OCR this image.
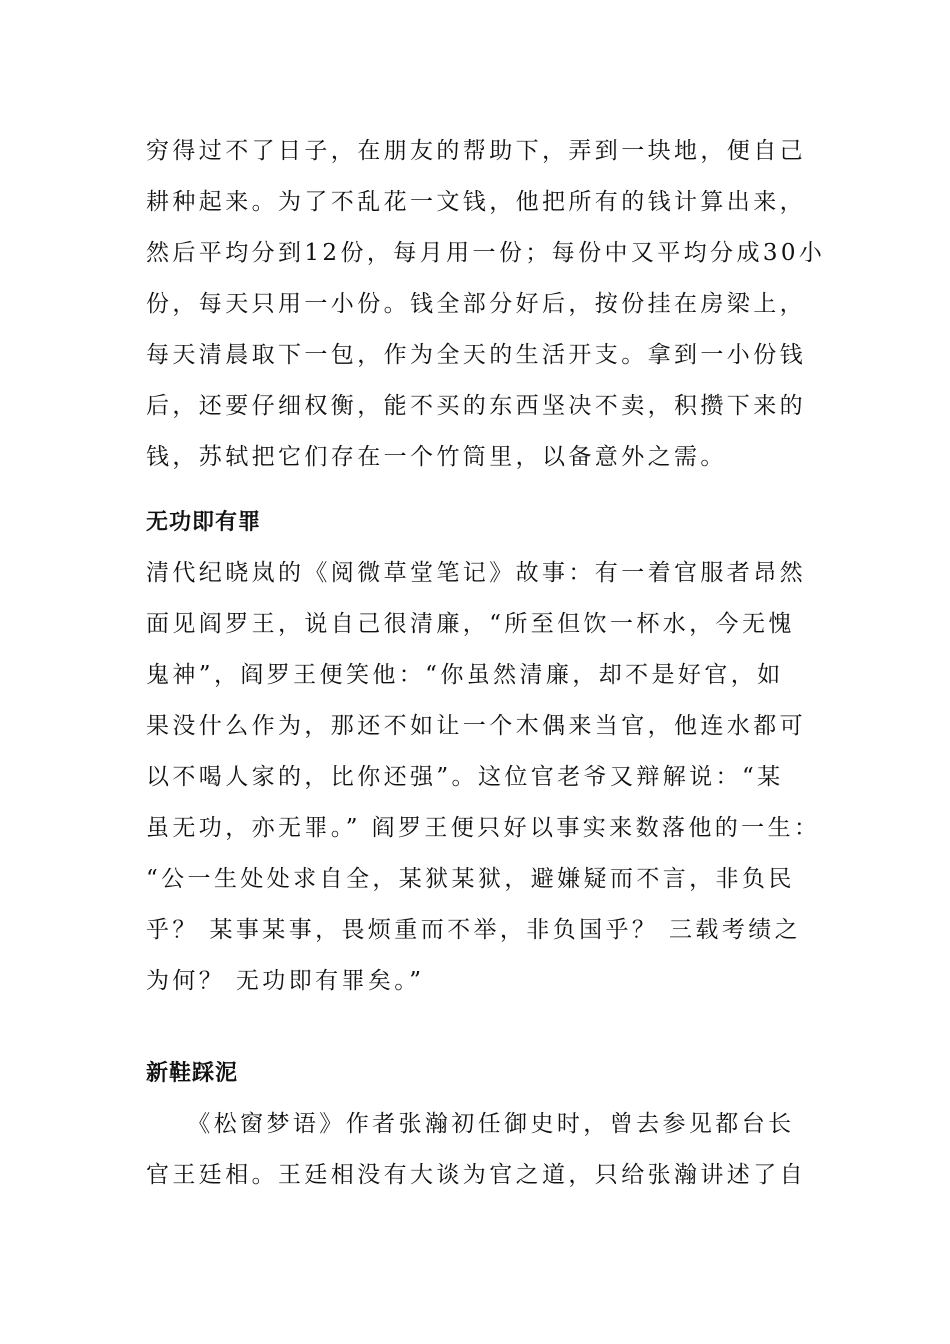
穷得过不了日子，在朋友的帮助下，弄到一块地，便自己
耕种起来。为了不乱花一文钱，他把所有的钱计算出来，
然后平均分到12份，每月用一份；每份中又平均分成30小
份，每天只用一小份。钱全部分好后，按份挂在房梁上，
每天清晨取下一包，作为全天的生活开支。拿到一小份钱
后，还要仔细权衡，能不买的东西坚决不卖，积攒下来的
钱，苏轼把它们存在一个竹筒里，以备意外之需。

无功即有罪

清代纪晓岚的《阅微草堂笔记》故事：有一着官服者昂然
面见阎罗王，说自己很清廉，“所至但饮一杯水，今无愧
鬼神”，阎罗王便笑他：“你虽然清廉，却不是好官，如
果没什么作为，那还不如让一个木偶来当官，他连水都可
以不喝人家的，比你还强”。这位官老爷又辩解说：“某
虽无功，亦无罪。” 阎罗王便只好以事实来数落他的一生：
“公一生处处求自全，某狱某狱，避嫌疑而不言，非负民
乎？ 某事某事，畏烦重而不举，非负国乎？ 三载考绩之
为何？ 无功即有罪矣。”

新鞋踩泥

　　《松窗梦语》作者张瀚初任御史时，曾去参见都台长
官王廷相。王廷相没有大谈为官之道，只给张瀚讲述了自
